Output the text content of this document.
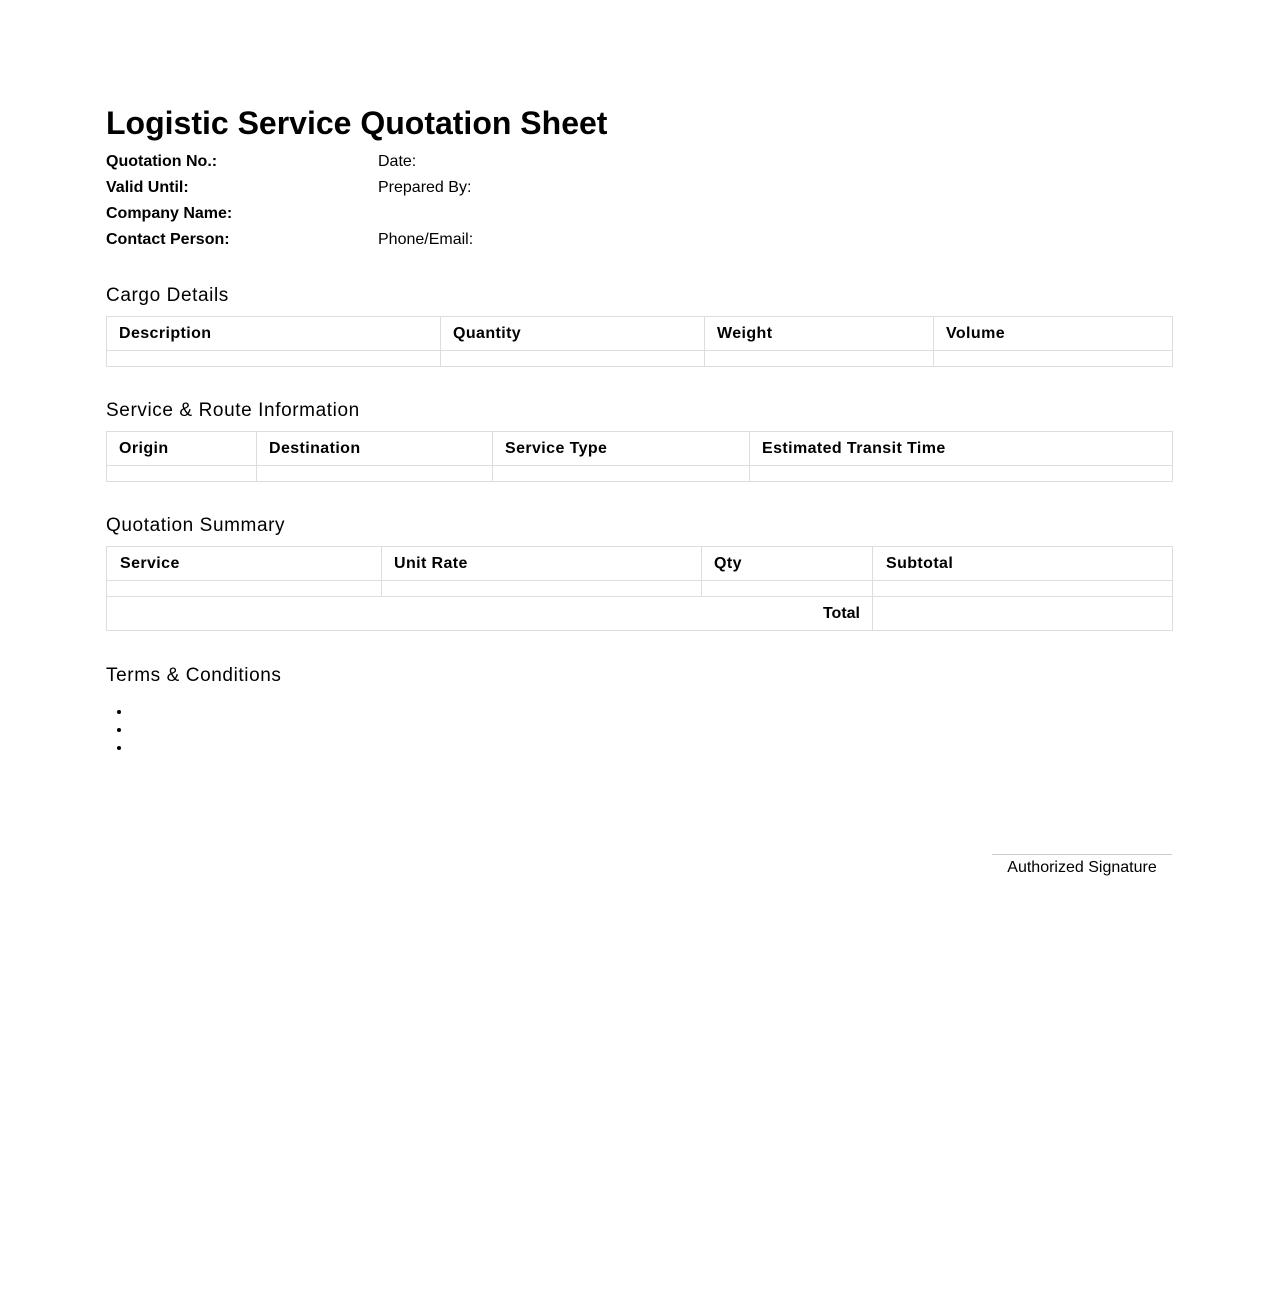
Logistic Service Quotation Sheet
Quotation No.:	Date:
Valid Until:	Prepared By:
Company Name:
Contact Person:	Phone/Email:
Cargo Details
Description	Quantity	Weight	Volume

Service & Route Information
Origin	Destination	Service Type	Estimated Transit Time

Quotation Summary
Service	Unit Rate	Qty	Subtotal

Total			
Terms & Conditions
Authorized Signature
